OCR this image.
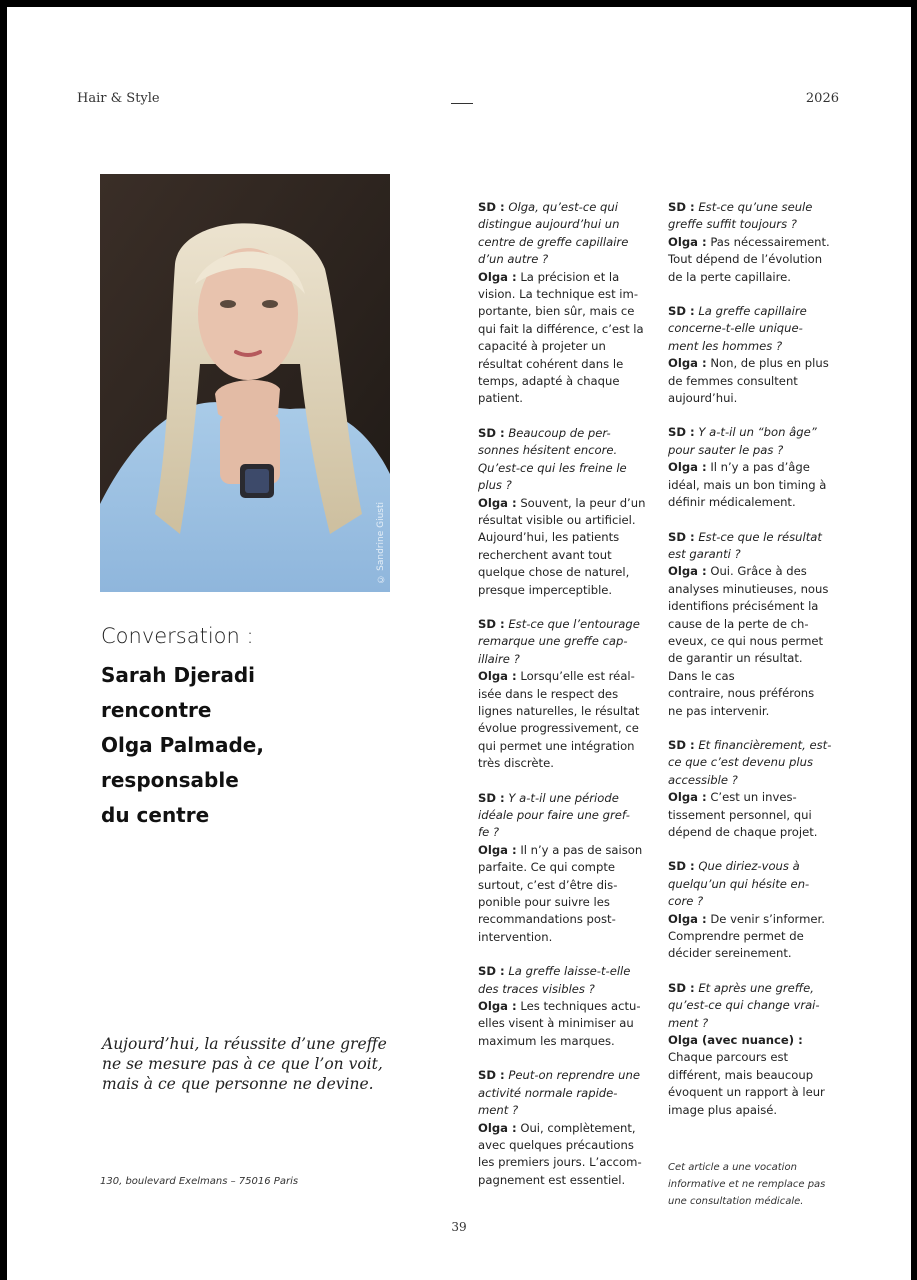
Hair & Style	2026
© Sandrine Giusti
Conversation :
Sarah Djeradi
rencontre
Olga Palmade,
responsable
du centre
Aujourd’hui, la réussite d’une greffe
ne se mesure pas à ce que l’on voit,
mais à ce que personne ne devine.
130, boulevard Exelmans – 75016 Paris
SD : Olga, qu’est-ce qui
distingue aujourd’hui un
centre de greffe capillaire
d’un autre ?
Olga : La précision et la
vision. La technique est im-
portante, bien sûr, mais ce
qui fait la différence, c’est la
capacité à projeter un
résultat cohérent dans le
temps, adapté à chaque
patient.
SD : Beaucoup de per-
sonnes hésitent encore.
Qu’est-ce qui les freine le
plus ?
Olga : Souvent, la peur d’un
résultat visible ou artificiel.
Aujourd’hui, les patients
recherchent avant tout
quelque chose de naturel,
presque imperceptible.
SD : Est-ce que l’entourage
remarque une greffe cap-
illaire ?
Olga : Lorsqu’elle est réal-
isée dans le respect des
lignes naturelles, le résultat
évolue progressivement, ce
qui permet une intégration
très discrète.
SD : Y a-t-il une période
idéale pour faire une gref-
fe ?
Olga : Il n’y a pas de saison
parfaite. Ce qui compte
surtout, c’est d’être dis-
ponible pour suivre les
recommandations post-
intervention.
SD : La greffe laisse-t-elle
des traces visibles ?
Olga : Les techniques actu-
elles visent à minimiser au
maximum les marques.
SD : Peut-on reprendre une
activité normale rapide-
ment ?
Olga : Oui, complètement,
avec quelques précautions
les premiers jours. L’accom-
pagnement est essentiel.
SD : Est-ce qu’une seule
greffe suffit toujours ?
Olga : Pas nécessairement.
Tout dépend de l’évolution
de la perte capillaire.
SD : La greffe capillaire
concerne-t-elle unique-
ment les hommes ?
Olga : Non, de plus en plus
de femmes consultent
aujourd’hui.
SD : Y a-t-il un “bon âge”
pour sauter le pas ?
Olga : Il n’y a pas d’âge
idéal, mais un bon timing à
définir médicalement.
SD : Est-ce que le résultat
est garanti ?
Olga : Oui. Grâce à des
analyses minutieuses, nous
identifions précisément la
cause de la perte de ch-
eveux, ce qui nous permet
de garantir un résultat.
Dans le cas
contraire, nous préférons
ne pas intervenir.
SD : Et financièrement, est-
ce que c’est devenu plus
accessible ?
Olga : C’est un inves-
tissement personnel, qui
dépend de chaque projet.
SD : Que diriez-vous à
quelqu’un qui hésite en-
core ?
Olga : De venir s’informer.
Comprendre permet de
décider sereinement.
SD : Et après une greffe,
qu’est-ce qui change vrai-
ment ?
Olga (avec nuance) :
Chaque parcours est
différent, mais beaucoup
évoquent un rapport à leur
image plus apaisé.
Cet article a une vocation
informative et ne remplace pas
une consultation médicale.
39
